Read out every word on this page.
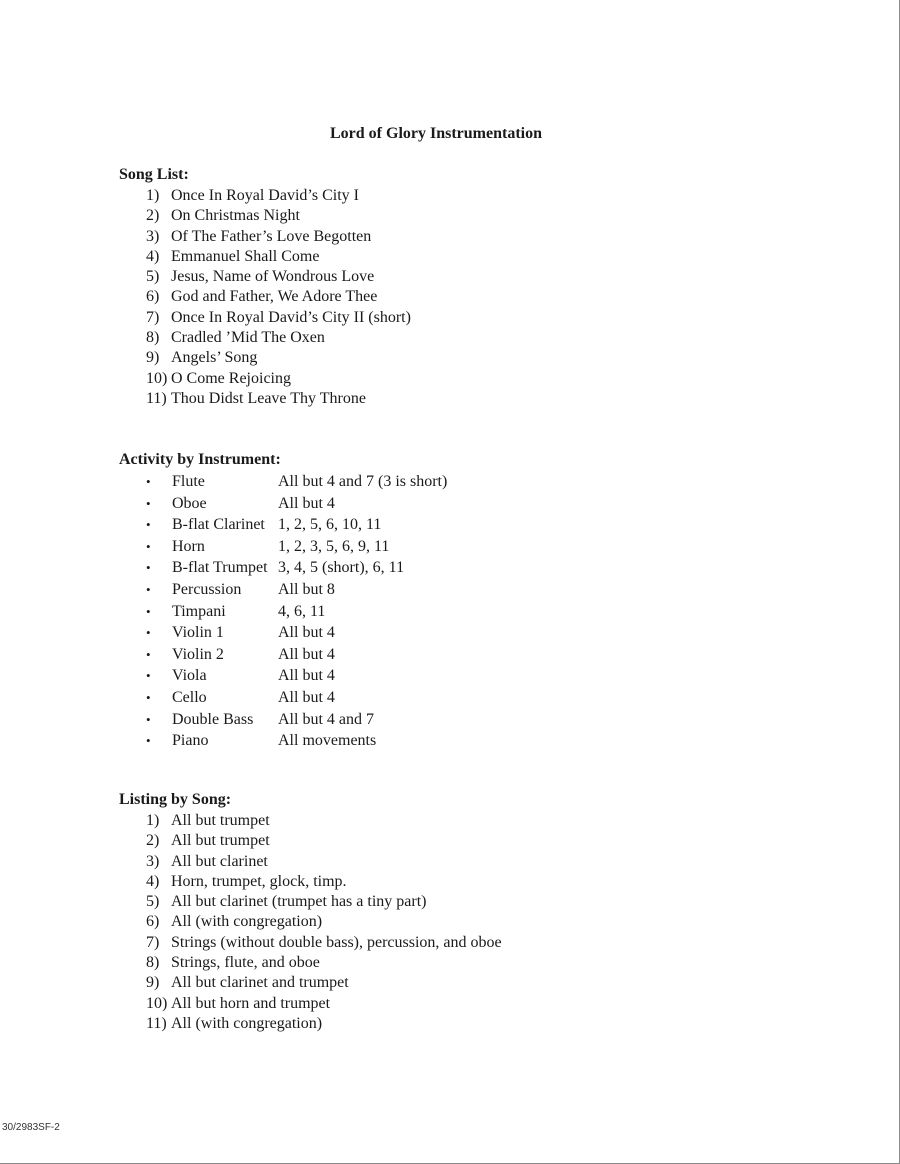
Lord of Glory Instrumentation
Song List:
1) Once In Royal David’s City I
2) On Christmas Night
3) Of The Father’s Love Begotten
4) Emmanuel Shall Come
5) Jesus, Name of Wondrous Love
6) God and Father, We Adore Thee
7) Once In Royal David’s City II (short)
8) Cradled ’Mid The Oxen
9) Angels’ Song
10) O Come Rejoicing
11) Thou Didst Leave Thy Throne
Activity by Instrument:
• Flute	All but 4 and 7 (3 is short)
• Oboe	All but 4
• B-flat Clarinet 1, 2, 5, 6, 10, 11
• Horn	1, 2, 3, 5, 6, 9, 11
• B-flat Trumpet 3, 4, 5 (short), 6, 11
• Percussion All but 8
• Timpani	4, 6, 11
• Violin 1	All but 4
• Violin 2	All but 4
• Viola	All but 4
• Cello	All but 4
• Double Bass All but 4 and 7
• Piano	All movements
Listing by Song:
1) All but trumpet
2) All but trumpet
3) All but clarinet
4) Horn, trumpet, glock, timp.
5) All but clarinet (trumpet has a tiny part)
6) All (with congregation)
7) Strings (without double bass), percussion, and oboe
8) Strings, flute, and oboe
9) All but clarinet and trumpet
10) All but horn and trumpet
11) All (with congregation)
30/2983SF-2
